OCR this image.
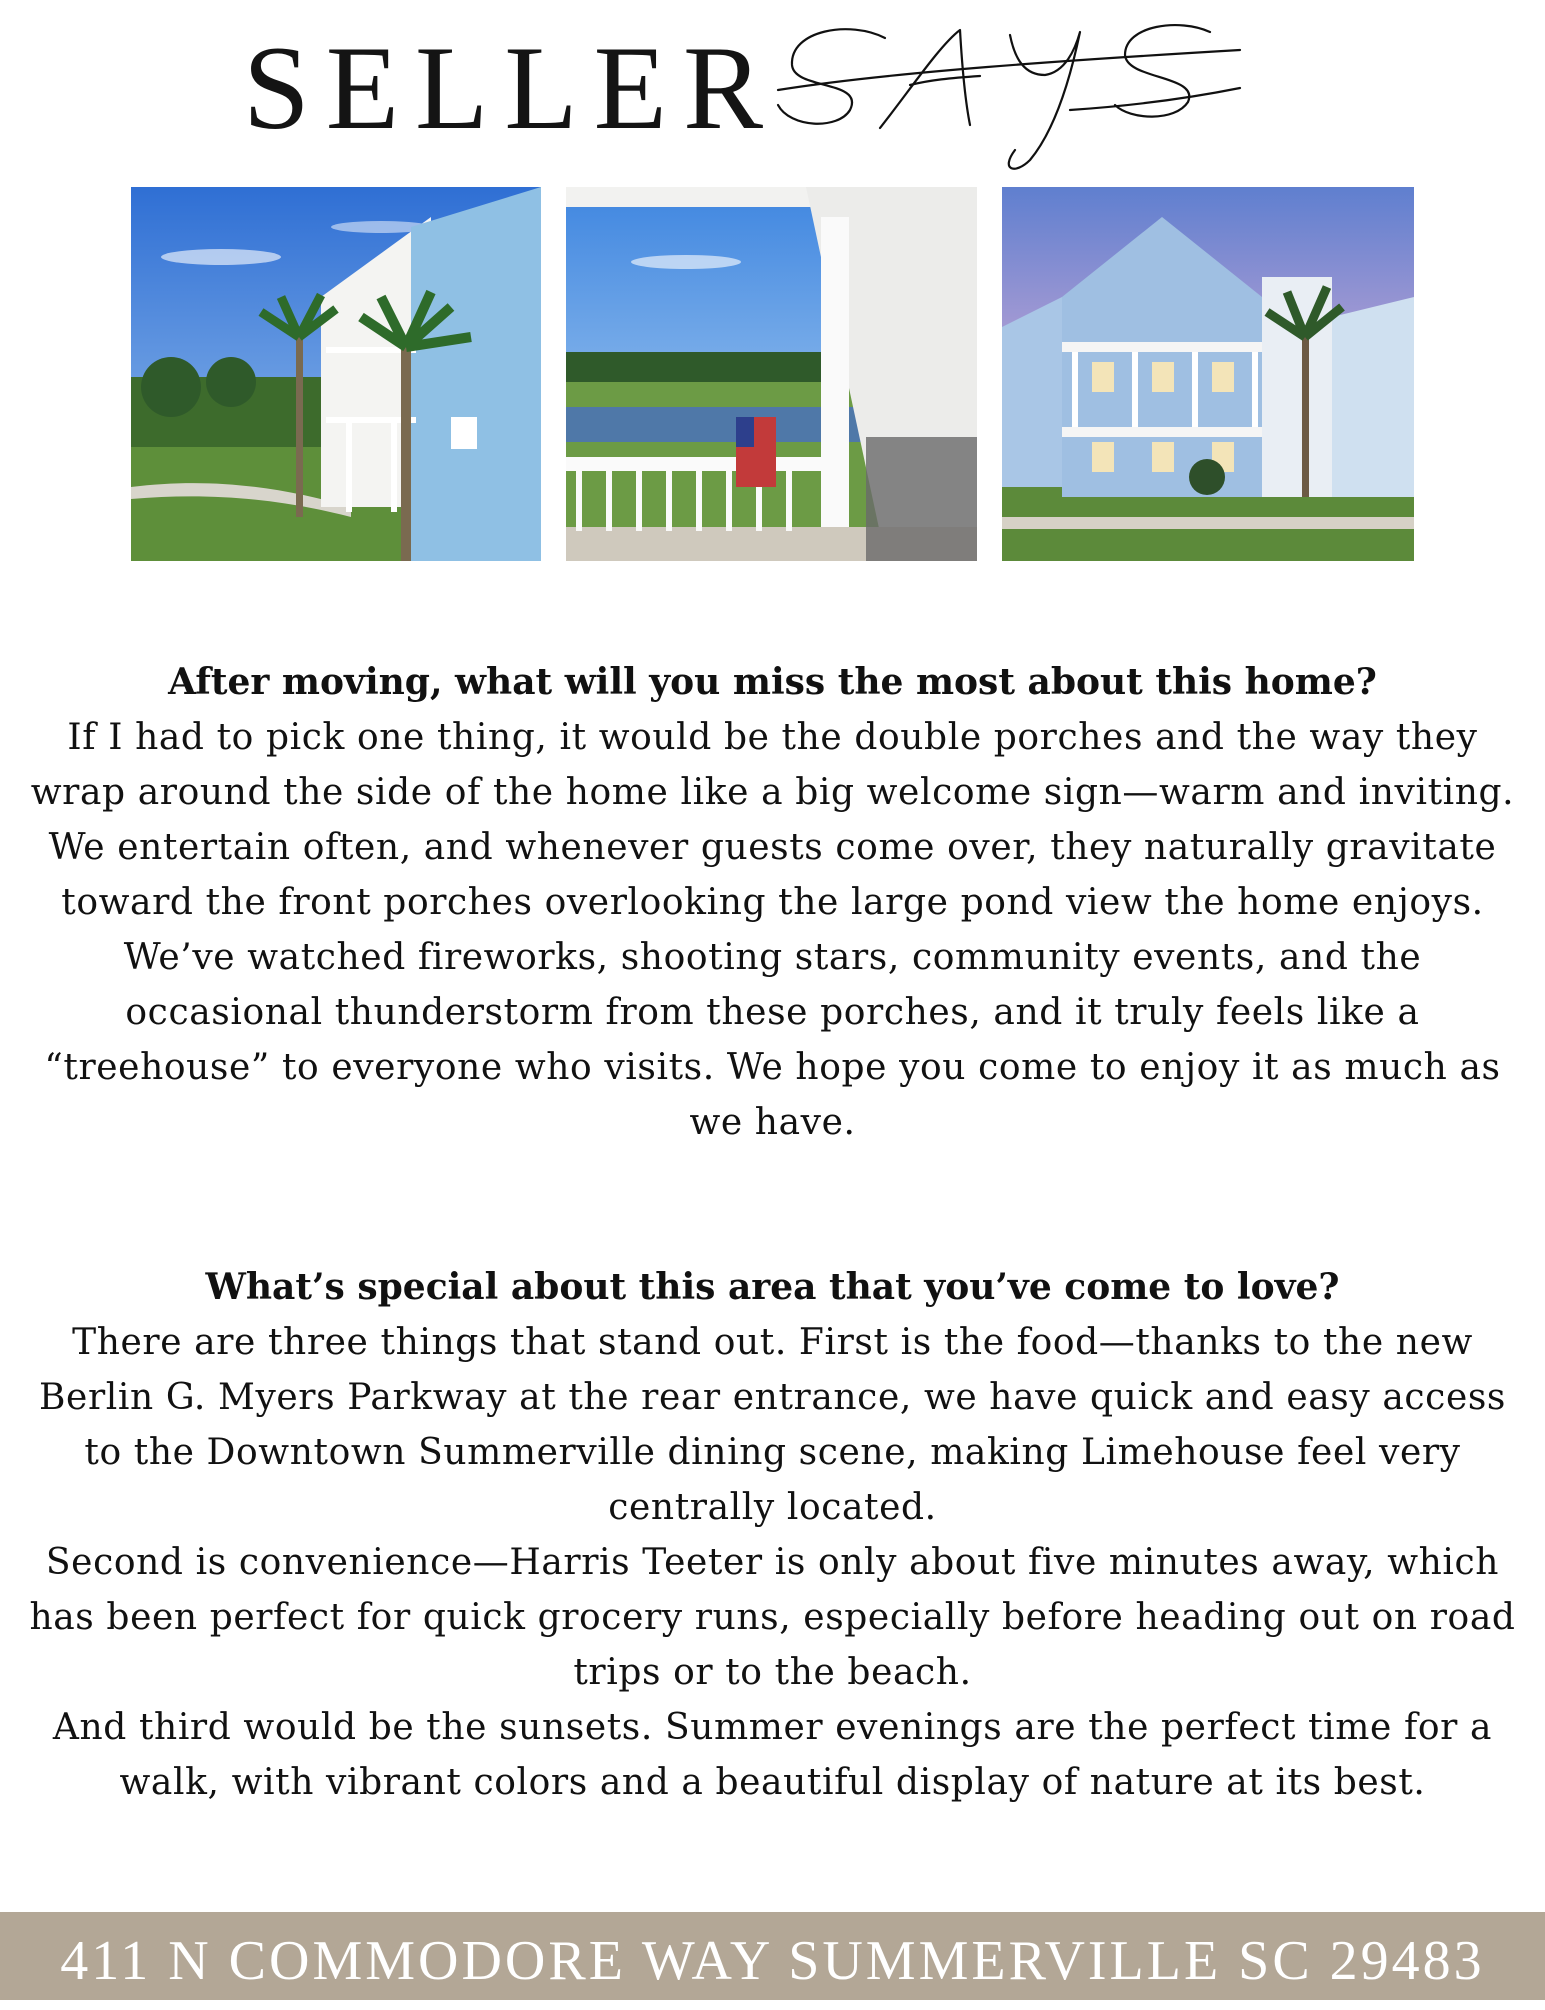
SELLER

After moving, what will you miss the most about this home?

If I had to pick one thing, it would be the double porches and the way they wrap around the side of the home like a big welcome sign—warm and inviting. We entertain often, and whenever guests come over, they naturally gravitate toward the front porches overlooking the large pond view the home enjoys.

We’ve watched fireworks, shooting stars, community events, and the occasional thunderstorm from these porches, and it truly feels like a “treehouse” to everyone who visits. We hope you come to enjoy it as much as we have.

What’s special about this area that you’ve come to love?

There are three things that stand out. First is the food—thanks to the new Berlin G. Myers Parkway at the rear entrance, we have quick and easy access to the Downtown Summerville dining scene, making Limehouse feel very centrally located.

Second is convenience—Harris Teeter is only about five minutes away, which has been perfect for quick grocery runs, especially before heading out on road trips or to the beach.

And third would be the sunsets. Summer evenings are the perfect time for a walk, with vibrant colors and a beautiful display of nature at its best.

411 N COMMODORE WAY SUMMERVILLE SC 29483
